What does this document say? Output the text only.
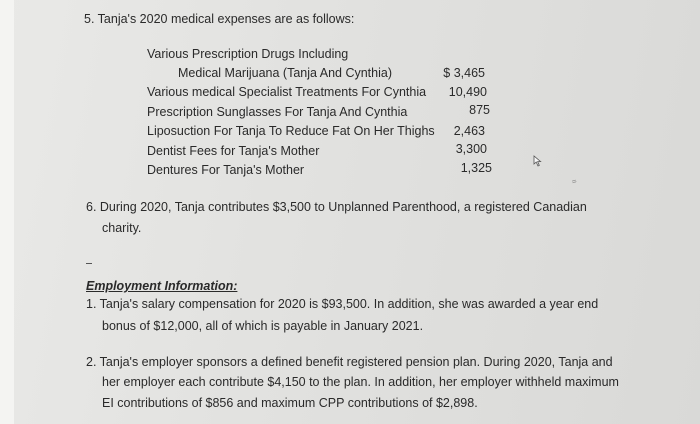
5. Tanja's 2020 medical expenses are as follows:
Various Prescription Drugs Including
Medical Marijuana (Tanja And Cynthia)	$ 3,465
Various medical Specialist Treatments For Cynthia	10,490
Prescription Sunglasses For Tanja And Cynthia	875
Liposuction For Tanja To Reduce Fat On Her Thighs	2,463
Dentist Fees for Tanja's Mother	3,300
Dentures For Tanja's Mother	1,325
≈
6. During 2020, Tanja contributes $3,500 to Unplanned Parenthood, a registered Canadian
charity.
Employment Information:
1. Tanja's salary compensation for 2020 is $93,500. In addition, she was awarded a year end
bonus of $12,000, all of which is payable in January 2021.
2. Tanja's employer sponsors a defined benefit registered pension plan. During 2020, Tanja and
her employer each contribute $4,150 to the plan. In addition, her employer withheld maximum
EI contributions of $856 and maximum CPP contributions of $2,898.
